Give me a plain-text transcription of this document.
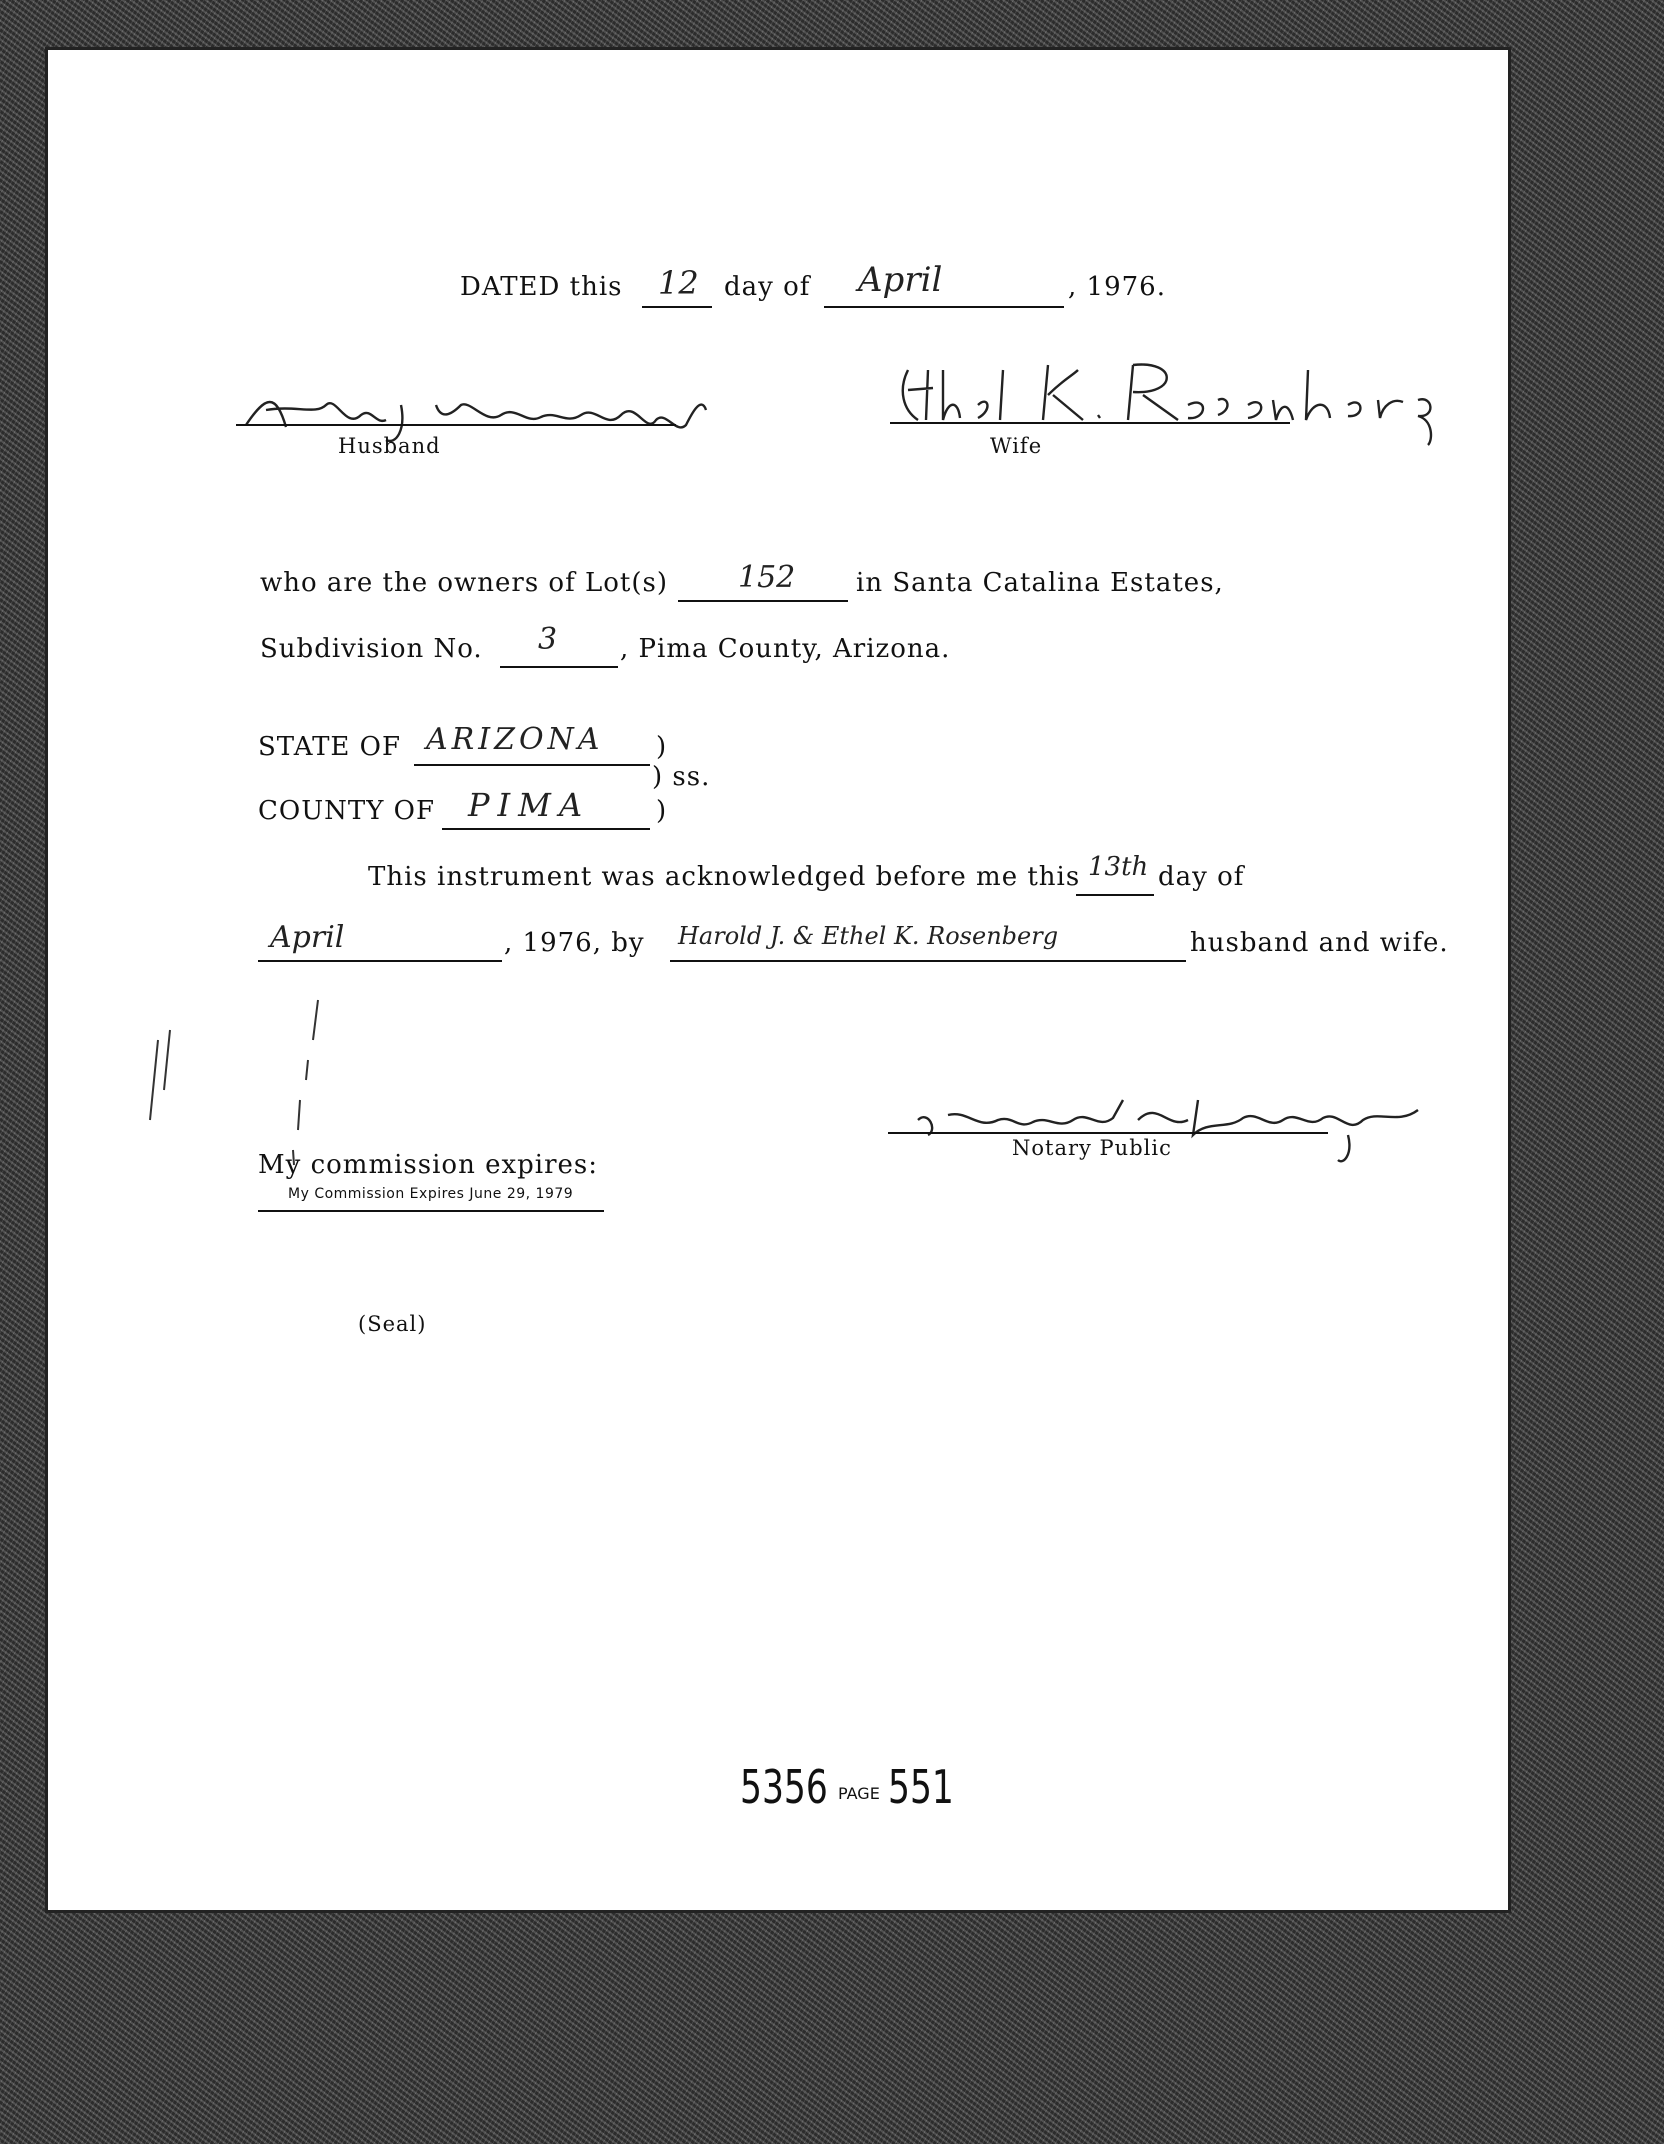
DATED this 12 day of April	, 1976.
Husband	Wife
who are the owners of Lot(s) 152 in Santa Catalina Estates,
Subdivision No. 3 , Pima County, Arizona.
STATE OF ARIZONA )
) ss.
COUNTY OF PIMA	)
This instrument was acknowledged before me this 13th day of
April	, 1976, by Harold J. & Ethel K. Rosenberg	husband and wife.
Notary Public
My commission expires:
My Commission Expires June 29, 1979
(Seal)
5356 PAGE 551
